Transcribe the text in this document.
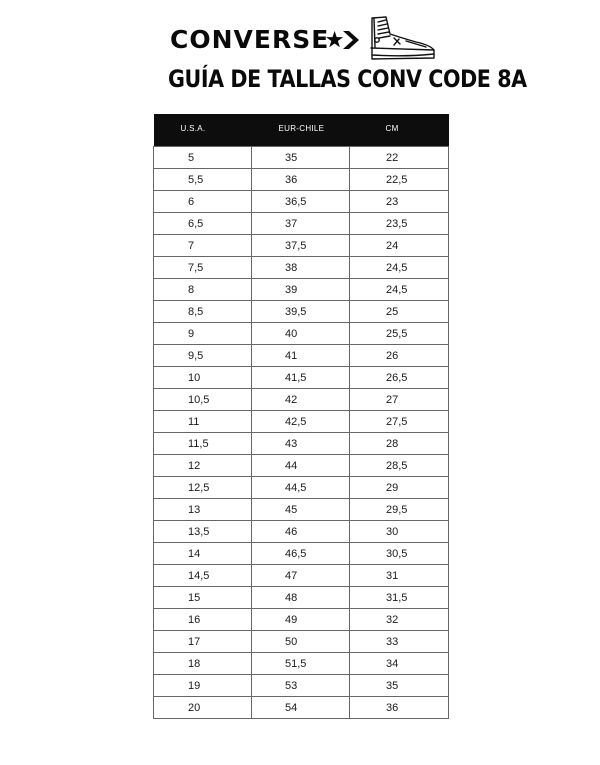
CONVERSE
GUÍA DE TALLAS CONV CODE 8A
U.S.A.	EUR-CHILE	CM
5	35	22
5,5	36	22,5
6	36,5	23
6,5	37	23,5
7	37,5	24
7,5	38	24,5
8	39	24,5
8,5	39,5	25
9	40	25,5
9,5	41	26
10	41,5	26,5
10,5	42	27
11	42,5	27,5
11,5	43	28
12	44	28,5
12,5	44,5	29
13	45	29,5
13,5	46	30
14	46,5	30,5
14,5	47	31
15	48	31,5
16	49	32
17	50	33
18	51,5	34
19	53	35
20	54	36
